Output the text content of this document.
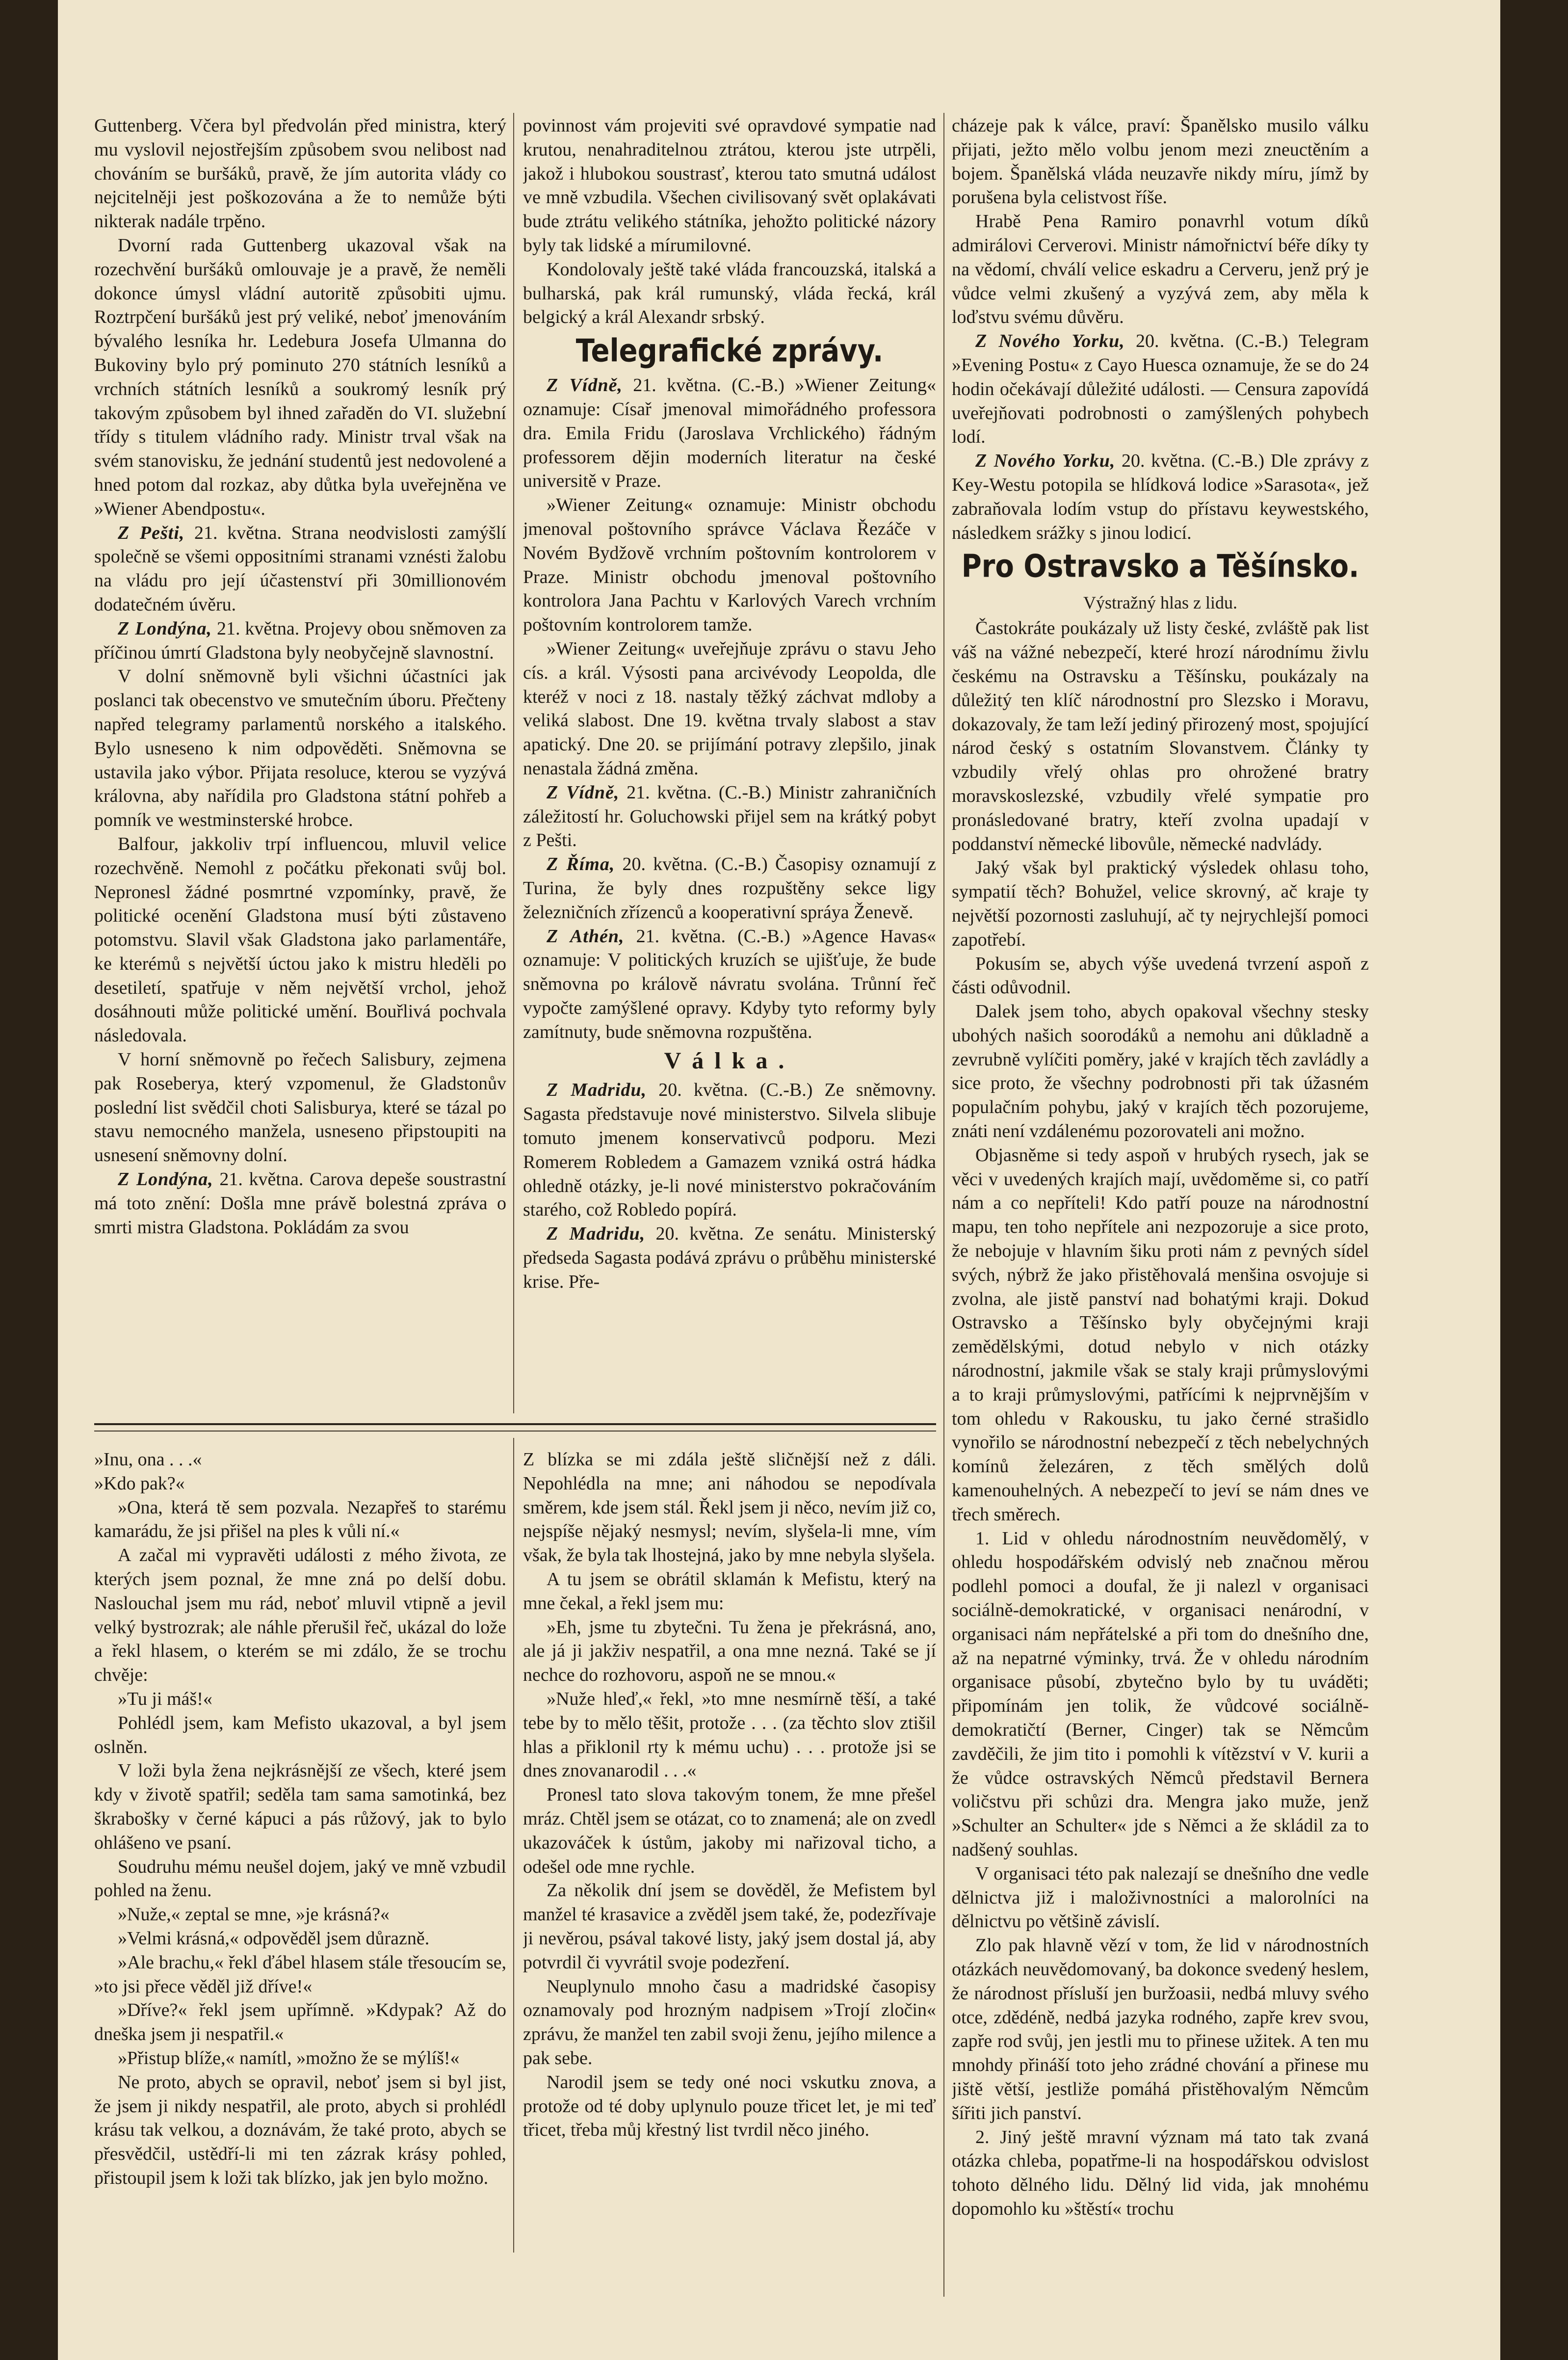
Guttenberg. Včera byl předvolán před ministra, který mu vyslovil nejostřejším způsobem svou nelibost nad chováním se buršáků, pravě, že jím autorita vlády co nejcitelněji jest poškozována a že to nemůže býti nikterak nadále trpěno.

Dvorní rada Guttenberg ukazoval však na rozechvění buršáků omlouvaje je a pravě, že neměli dokonce úmysl vládní autoritě způsobiti ujmu. Roztrpčení buršáků jest prý veliké, neboť jmenováním bývalého lesníka hr. Ledebura Josefa Ulmanna do Bukoviny bylo prý pominuto 270 státních lesníků a vrchních státních lesníků a soukromý lesník prý takovým způsobem byl ihned zařaděn do VI. služební třídy s titulem vládního rady. Ministr trval však na svém stanovisku, že jednání studentů jest nedovolené a hned potom dal rozkaz, aby důtka byla uveřejněna ve »Wiener Abendpostu«.

Z Pešti, 21. května. Strana neodvislosti zamýšlí společně se všemi oppositními stranami vznésti žalobu na vládu pro její účastenství při 30millionovém dodatečném úvěru.

Z Londýna, 21. května. Projevy obou sněmoven za příčinou úmrtí Gladstona byly neobyčejně slavnostní.

V dolní sněmovně byli všichni účastníci jak poslanci tak obecenstvo ve smutečním úboru. Přečteny napřed telegramy parlamentů norského a italského. Bylo usneseno k nim odpověděti. Sněmovna se ustavila jako výbor. Přijata resoluce, kterou se vyzývá královna, aby nařídila pro Gladstona státní pohřeb a pomník ve westminsterské hrobce.

Balfour, jakkoliv trpí influencou, mluvil velice rozechvěně. Nemohl z počátku překonati svůj bol. Nepronesl žádné posmrtné vzpomínky, pravě, že politické ocenění Gladstona musí býti zůstaveno potomstvu. Slavil však Gladstona jako parlamentáře, ke kterémů s největší úctou jako k mistru hleděli po desetiletí, spatřuje v něm největší vrchol, jehož dosáhnouti může politické umění. Bouřlivá pochvala následovala.

V horní sněmovně po řečech Salisbury, zejmena pak Roseberya, který vzpomenul, že Gladstonův poslední list svědčil choti Salisburya, které se tázal po stavu nemocného manžela, usneseno připstoupiti na usnesení sněmovny dolní.

Z Londýna, 21. května. Carova depeše soustrastní má toto znění: Došla mne právě bolestná zpráva o smrti mistra Gladstona. Pokládám za svou

povinnost vám projeviti své opravdové sympatie nad krutou, nenahraditelnou ztrátou, kterou jste utrpěli, jakož i hlubokou soustrasť, kterou tato smutná událost ve mně vzbudila. Všechen civilisovaný svět oplakávati bude ztrátu velikého státníka, jehožto politické názory byly tak lidské a mírumilovné.

Kondolovaly ještě také vláda francouzská, italská a bulharská, pak král rumunský, vláda řecká, král belgický a král Alexandr srbský.

Telegrafické zprávy.

Z Vídně, 21. května. (C.-B.) »Wiener Zeitung« oznamuje: Císař jmenoval mimořádného professora drа. Emila Fridu (Jaroslava Vrchlického) řádným professorem dějin moderních literatur na české universitě v Praze.

»Wiener Zeitung« oznamuje: Ministr obchodu jmenoval poštovního správce Václava Řezáče v Novém Bydžově vrchním poštovním kontrolorem v Praze. Ministr obchodu jmenoval poštovního kontrolora Jana Pachtu v Karlových Varech vrchním poštovním kontrolorem tamže.

»Wiener Zeitung« uveřejňuje zprávu o stavu Jeho cís. a král. Výsosti pana arcivévody Leopolda, dle kteréž v noci z 18. nastaly těžký záchvat mdloby a veliká slabost. Dne 19. května trvaly slabost a stav apatický. Dne 20. se prijímání potravy zlepšilo, jinak nenastala žádná změna.

Z Vídně, 21. května. (C.-B.) Ministr zahraničních záležitostí hr. Goluchowski přijel sem na krátký pobyt z Pešti.

Z Říma, 20. května. (C.-B.) Časopisy oznamují z Turina, že byly dnes rozpuštěny sekce ligy železničních zřízenců a kooperativní spráya Ženevě.

Z Athén, 21. května. (C.-B.) »Agence Havas« oznamuje: V politických kruzích se ujišťuje, že bude sněmovna po králově návratu svolána. Trůnní řeč vypočte zamýšlené opravy. Kdyby tyto reformy byly zamítnuty, bude sněmovna rozpuštěna.

Válka.

Z Madridu, 20. května. (C.-B.) Ze sněmovny. Sagasta představuje nové ministerstvo. Silvela slibuje tomuto jmenem konservativců podporu. Mezi Romerem Robledem a Gamazem vzniká ostrá hádka ohledně otázky, je-li nové ministerstvo pokračováním starého, což Robledo popírá.

Z Madridu, 20. května. Ze senátu. Ministerský předseda Sagasta podává zprávu o průběhu ministerské krise. Pře-

cházeje pak k válce, praví: Španělsko musilo válku přijati, ježto mělo volbu jenom mezi zneuctěním a bojem. Španělská vláda neuzavře nikdy míru, jímž by porušena byla celistvost říše.

Hrabě Pena Ramiro ponavrhl votum díků admirálovi Cerverovi. Ministr námořnictví béře díky ty na vědomí, chválí velice eskadru a Cerveru, jenž prý je vůdce velmi zkušený a vyzývá zem, aby měla k loďstvu svému důvěru.

Z Nového Yorku, 20. května. (C.-B.) Telegram »Evening Postu« z Cayo Huesca oznamuje, že se do 24 hodin očekávají důležité události. — Censura zapovídá uveřejňovati podrobnosti o zamýšlených pohybech lodí.

Z Nového Yorku, 20. května. (C.-B.) Dle zprávy z Key-Westu potopila se hlídková lodice »Sarasota«, jež zabraňovala lodím vstup do přístavu keywestského, následkem srážky s jinou lodicí.

Pro Ostravsko a Těšínsko.

Výstražný hlas z lidu.

Častokráte poukázaly už listy české, zvláště pak list váš na vážné nebezpečí, které hrozí národnímu živlu českému na Ostravsku a Těšínsku, poukázaly na důležitý ten klíč národnostní pro Slezsko i Moravu, dokazovaly, že tam leží jediný přirozený most, spojující národ český s ostatním Slovanstvem. Články ty vzbudily vřelý ohlas pro ohrožené bratry moravskoslezské, vzbudily vřelé sympatie pro pronásledované bratry, kteří zvolna upadají v poddanství německé libovůle, německé nadvlády.

Jaký však byl praktický výsledek ohlasu toho, sympatií těch? Bohužel, velice skrovný, ač kraje ty největší pozornosti zasluhují, ač ty nejrychlejší pomoci zapotřebí.

Pokusím se, abych výše uvedená tvrzení aspoň z části odůvodnil.

Dalek jsem toho, abych opakoval všechny stesky ubohých našich soorodáků a nemohu ani důkladně a zevrubně vylíčiti poměry, jaké v krajích těch zavládly a sice proto, že všechny podrobnosti při tak úžasném populačním pohybu, jaký v krajích těch pozorujeme, znáti není vzdálenému pozorovateli ani možno.

Objasněme si tedy aspoň v hrubých rysech, jak se věci v uvedených krajích mají, uvědoměme si, co patří nám a co nepříteli! Kdo patří pouze na národnostní mapu, ten toho nepřítele ani nezpozoruje a sice proto, že nebojuje v hlavním šiku proti nám z pevných sídel svých, nýbrž že jako přistěhovalá menšina osvojuje si zvolna, ale jistě panství nad bohatými kraji. Dokud Ostravsko a Těšínsko byly obyčejnými kraji zemědělskými, dotud nebylo v nich otázky národnostní, jakmile však se staly kraji průmyslovými a to kraji průmyslovými, patřícími k nejprvnějším v tom ohledu v Rakousku, tu jako černé strašidlo vynořilo se národnostní nebezpečí z těch nebelychných komínů železáren, z těch smělých dolů kamenouhelných. A nebezpečí to jeví se nám dnes ve třech směrech.

1. Lid v ohledu národnostním neuvědomělý, v ohledu hospodářském odvislý neb značnou měrou podlehl pomoci a doufal, že ji nalezl v organisaci sociálně-demokratické, v organisaci nenárodní, v organisaci nám nepřátelské a při tom do dnešního dne, až na nepatrné výminky, trvá. Že v ohledu národním organisace působí, zbytečno bylo by tu uváděti; připomínám jen tolik, že vůdcové sociálně-demokratičtí (Berner, Cinger) tak se Němcům zavděčili, že jim tito i pomohli k vítězství v V. kurii a že vůdce ostravských Němců představil Bernera voličstvu při schůzi dra. Mengra jako muže, jenž »Schulter an Schulter« jde s Němci a že skládil za to nadšený souhlas.

V organisaci této pak nalezají se dnešního dne vedle dělnictva již i maloživnostníci a malorolníci na dělnictvu po většině závislí.

Zlo pak hlavně vězí v tom, že lid v národnostních otázkách neuvědomovaný, ba dokonce svedený heslem, že národnost přísluší jen buržoasii, nedbá mluvy svého otce, zdědéně, nedbá jazyka rodného, zapře krev svou, zapře rod svůj, jen jestli mu to přinese užitek. A ten mu mnohdy přináší toto jeho zrádné chování a přinese mu jiště větší, jestliže pomáhá přistěhovalým Němcům šířiti jich panství.

2. Jiný ještě mravní význam má tato tak zvaná otázka chleba, popatřme-li na hospodářskou odvislost tohoto dělného lidu. Dělný lid vida, jak mnohému dopomohlo ku »štěstí« trochu

»Inu, ona . . .«

»Kdo pak?«

»Ona, která tě sem pozvala. Nezapřeš to starému kamarádu, že jsi přišel na ples k vůli ní.«

A začal mi vypravěti události z mého života, ze kterých jsem poznal, že mne zná po delší dobu. Naslouchal jsem mu rád, neboť mluvil vtipně a jevil velký bystrozrak; ale náhle přerušil řeč, ukázal do lože a řekl hlasem, o kterém se mi zdálo, že se trochu chvěje:

»Tu ji máš!«

Pohlédl jsem, kam Mefisto ukazoval, a byl jsem oslněn.

V loži byla žena nejkrásnější ze všech, které jsem kdy v životě spatřil; seděla tam sama samotinká, bez škraboškу v černé kápuci a pás růžový, jak to bylo ohlášeno ve psaní.

Soudruhu mému neušel dojem, jaký ve mně vzbudil pohled na ženu.

»Nuže,« zeptal se mne, »je krásná?«

»Velmi krásná,« odpověděl jsem důrazně.

»Ale brachu,« řekl ďábel hlasem stále třesoucím se, »to jsi přece věděl již dříve!«

»Dříve?« řekl jsem upřímně. »Kdypak? Až do dneška jsem ji nespatřil.«

»Přistup blíže,« namítl, »možno že se mýlíš!«

Ne proto, abych se opravil, neboť jsem si byl jist, že jsem ji nikdy nespatřil, ale proto, abych si prohlédl krásu tak velkou, a doznávám, že také proto, abych se přesvědčil, ustědří-li mi ten zázrak krásy pohled, přistoupil jsem k loži tak blízko, jak jen bylo možno.

Z blízka se mi zdála ještě sličnější než z dáli. Nepohlédla na mne; ani náhodou se nepodívala směrem, kde jsem stál. Řekl jsem ji něco, nevím již co, nejspíše nějaký nesmysl; nevím, slyšela-li mne, vím však, že byla tak lhostejná, jako by mne nebyla slyšela.

A tu jsem se obrátil sklamán k Mefistu, který na mne čekal, a řekl jsem mu:

»Eh, jsme tu zbytečni. Tu žena je překrásná, ano, ale já ji jakživ nespatřil, a ona mne nezná. Také se jí nechce do rozhovoru, aspoň ne se mnou.«

»Nuže hleď,« řekl, »to mne nesmírně těší, a také tebe by to mělo těšit, protože . . . (za těchto slov ztišil hlas a přiklonil rty k mému uchu) . . . protože jsi se dnes znovanarodil . . .«

Pronesl tato slova takovým tonem, že mne přešel mráz. Chtěl jsem se otázat, co to znamená; ale on zvedl ukazováček k ústům, jakoby mi nařizoval ticho, a odešel ode mne rychle.

Za několik dní jsem se dověděl, že Mefistem byl manžel té krasavice a zvěděl jsem také, že, podezřívaje ji nevěrou, psával takové listy, jaký jsem dostal já, aby potvrdil či vyvrátil svoje podezření.

Neuplynulo mnoho času a madridské časopisy oznamovaly pod hrozným nadpisem »Trojí zločin« zprávu, že manžel ten zabil svoji ženu, jejího milence a pak sebe.

Narodil jsem se tedy oné noci vskutku znova, a protože od té doby uplynulo pouze třicet let, je mi teď třicet, třeba můj křestný list tvrdil něco jiného.
